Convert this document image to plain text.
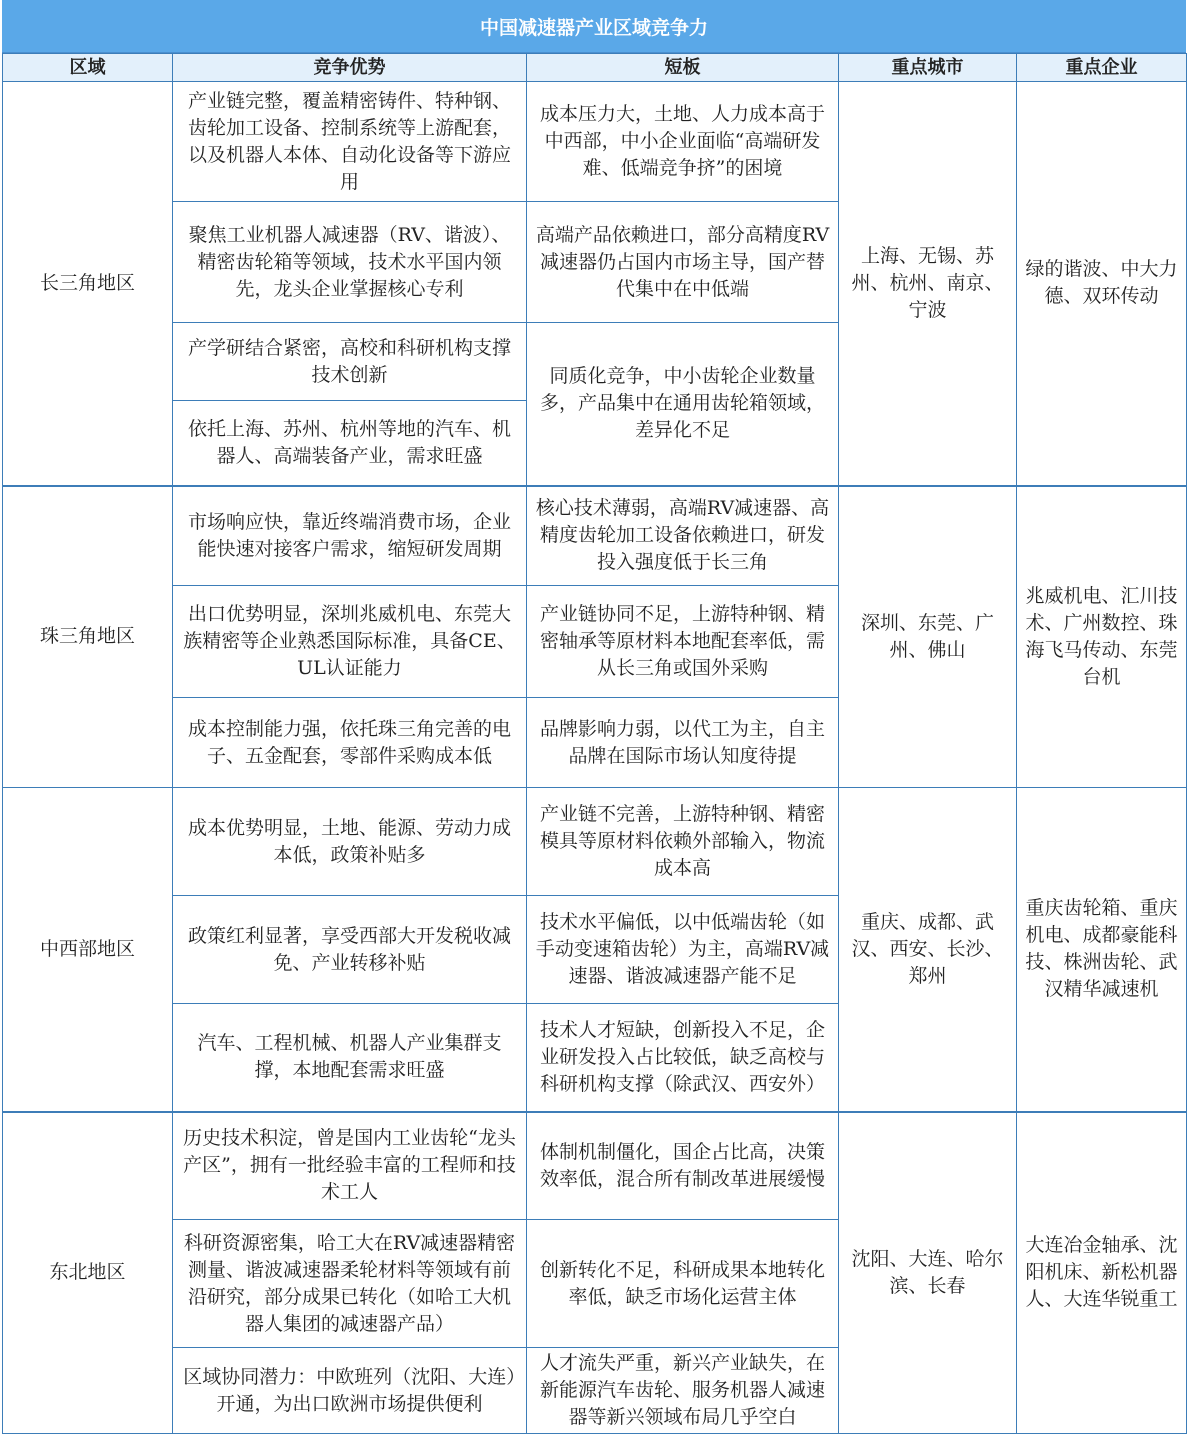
中国减速器产业区域竞争力
区域	竞争优势	短板	重点城市	重点企业
长三角地区	产业链完整，覆盖精密铸件、特种钢、齿轮加工设备、控制系统等上游配套，以及机器人本体、自动化设备等下游应用	成本压力大，土地、人力成本高于中西部，中小企业面临“高端研发难、低端竞争挤”的困境	上海、无锡、苏州、杭州、南京、宁波	绿的谐波、中大力德、双环传动
	聚焦工业机器人减速器（RV、谐波）、精密齿轮箱等领域，技术水平国内领先，龙头企业掌握核心专利	高端产品依赖进口，部分高精度RV减速器仍占国内市场主导，国产替代集中在中低端		
	产学研结合紧密，高校和科研机构支撑技术创新	同质化竞争，中小齿轮企业数量多，产品集中在通用齿轮箱领域，差异化不足		
	依托上海、苏州、杭州等地的汽车、机器人、高端装备产业，需求旺盛			
珠三角地区	市场响应快，靠近终端消费市场，企业能快速对接客户需求，缩短研发周期	核心技术薄弱，高端RV减速器、高精度齿轮加工设备依赖进口，研发投入强度低于长三角	深圳、东莞、广州、佛山	兆威机电、汇川技术、广州数控、珠海飞马传动、东莞台机
	出口优势明显，深圳兆威机电、东莞大族精密等企业熟悉国际标准，具备CE、UL认证能力	产业链协同不足，上游特种钢、精密轴承等原材料本地配套率低，需从长三角或国外采购		
	成本控制能力强，依托珠三角完善的电子、五金配套，零部件采购成本低	品牌影响力弱，以代工为主，自主品牌在国际市场认知度待提		
中西部地区	成本优势明显，土地、能源、劳动力成本低，政策补贴多	产业链不完善，上游特种钢、精密模具等原材料依赖外部输入，物流成本高	重庆、成都、武汉、西安、长沙、郑州	重庆齿轮箱、重庆机电、成都豪能科技、株洲齿轮、武汉精华减速机
	政策红利显著，享受西部大开发税收减免、产业转移补贴	技术水平偏低，以中低端齿轮（如手动变速箱齿轮）为主，高端RV减速器、谐波减速器产能不足		
	汽车、工程机械、机器人产业集群支撑，本地配套需求旺盛	技术人才短缺，创新投入不足，企业研发投入占比较低，缺乏高校与科研机构支撑（除武汉、西安外）		
东北地区	历史技术积淀，曾是国内工业齿轮“龙头产区”，拥有一批经验丰富的工程师和技术工人	体制机制僵化，国企占比高，决策效率低，混合所有制改革进展缓慢	沈阳、大连、哈尔滨、长春	大连冶金轴承、沈阳机床、新松机器人、大连华锐重工
	科研资源密集，哈工大在RV减速器精密测量、谐波减速器柔轮材料等领域有前沿研究，部分成果已转化（如哈工大机器人集团的减速器产品）	创新转化不足，科研成果本地转化率低，缺乏市场化运营主体		
	区域协同潜力：中欧班列（沈阳、大连）开通，为出口欧洲市场提供便利	人才流失严重，新兴产业缺失，在新能源汽车齿轮、服务机器人减速器等新兴领域布局几乎空白		
